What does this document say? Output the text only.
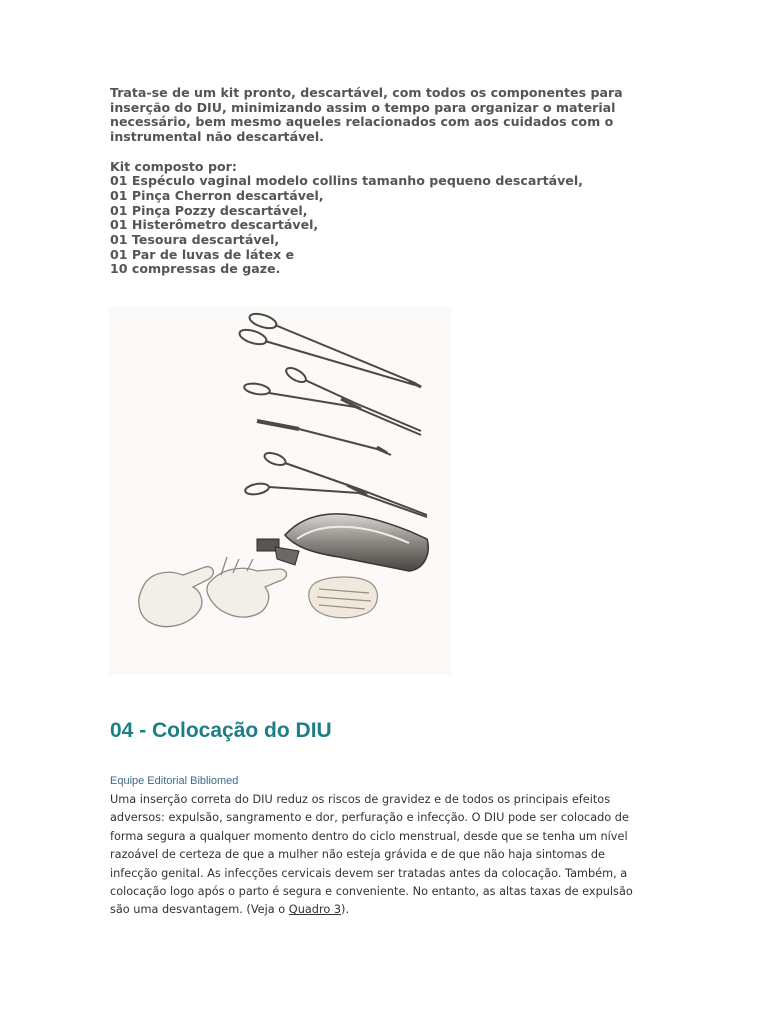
Trata-se de um kit pronto, descartável, com todos os componentes para
inserção do DIU, minimizando assim o tempo para organizar o material
necessário, bem mesmo aqueles relacionados com aos cuidados com o
instrumental não descartável.
Kit composto por:
01 Espéculo vaginal modelo collins tamanho pequeno descartável,
01 Pinça Cherron descartável,
01 Pinça Pozzy descartável,
01 Histerômetro descartável,
01 Tesoura descartável,
01 Par de luvas de látex e
10 compressas de gaze.
04 - Colocação do DIU
Equipe Editorial Bibliomed
Uma inserção correta do DIU reduz os riscos de gravidez e de todos os principais efeitos
adversos: expulsão, sangramento e dor, perfuração e infecção. O DIU pode ser colocado de
forma segura a qualquer momento dentro do ciclo menstrual, desde que se tenha um nível
razoável de certeza de que a mulher não esteja grávida e de que não haja sintomas de
infecção genital. As infecções cervicais devem ser tratadas antes da colocação. Também, a
colocação logo após o parto é segura e conveniente. No entanto, as altas taxas de expulsão
são uma desvantagem. (Veja o Quadro 3).
